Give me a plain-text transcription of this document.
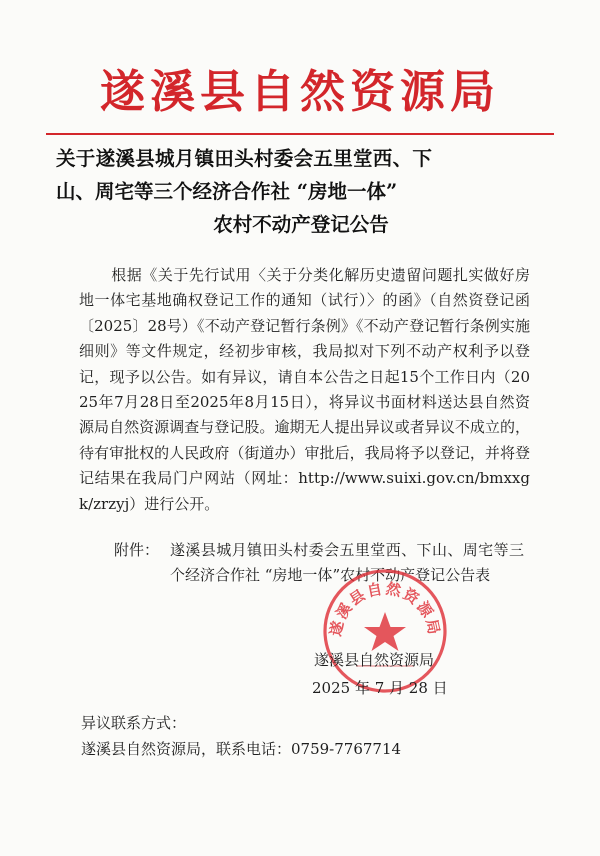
遂溪县自然资源局
关于遂溪县城月镇田头村委会五里堂西、下
山、周宅等三个经济合作社 “房地一体”
农村不动产登记公告

根据《关于先行试用〈关于分类化解历史遗留问题扎实做好房地一体宅基地确权登记工作的通知（试行）〉的函》（自然资登记函〔2025〕28号）《不动产登记暂行条例》《不动产登记暂行条例实施细则》等文件规定，经初步审核，我局拟对下列不动产权利予以登记，现予以公告。如有异议，请自本公告之日起15个工作日内（2025年7月28日至2025年8月15日），将异议书面材料送达县自然资源局自然资源调查与登记股。逾期无人提出异议或者异议不成立的，待有审批权的人民政府（街道办）审批后，我局将予以登记，并将登记结果在我局门户网站（网址：http://www.suixi.gov.cn/bmxxgk/zrzyj）进行公开。

附件： 遂溪县城月镇田头村委会五里堂西、下山、周宅等三个经济合作社 “房地一体”农村不动产登记公告表
遂溪县自然资源局
遂溪县自然资源局
2025 年 7 月 28 日
异议联系方式：
遂溪县自然资源局，联系电话：0759-7767714
